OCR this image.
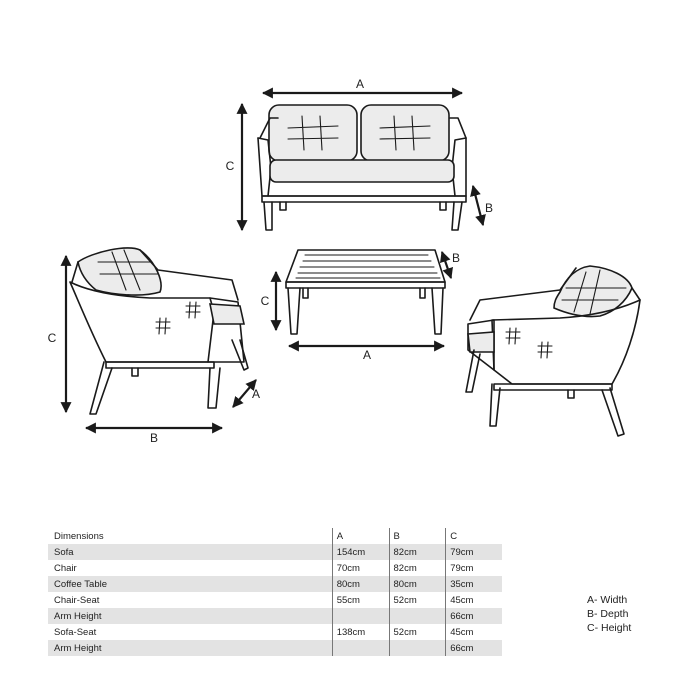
A
C
B
C
A
B
C
B
A
Dimensions	A	B	C
Sofa	154cm	82cm	79cm
Chair	70cm	82cm	79cm
Coffee Table	80cm	80cm	35cm
Chair-Seat	55cm	52cm	45cm
Arm Height			66cm
Sofa-Seat	138cm	52cm	45cm
Arm Height			66cm
A- Width
B- Depth
C- Height
